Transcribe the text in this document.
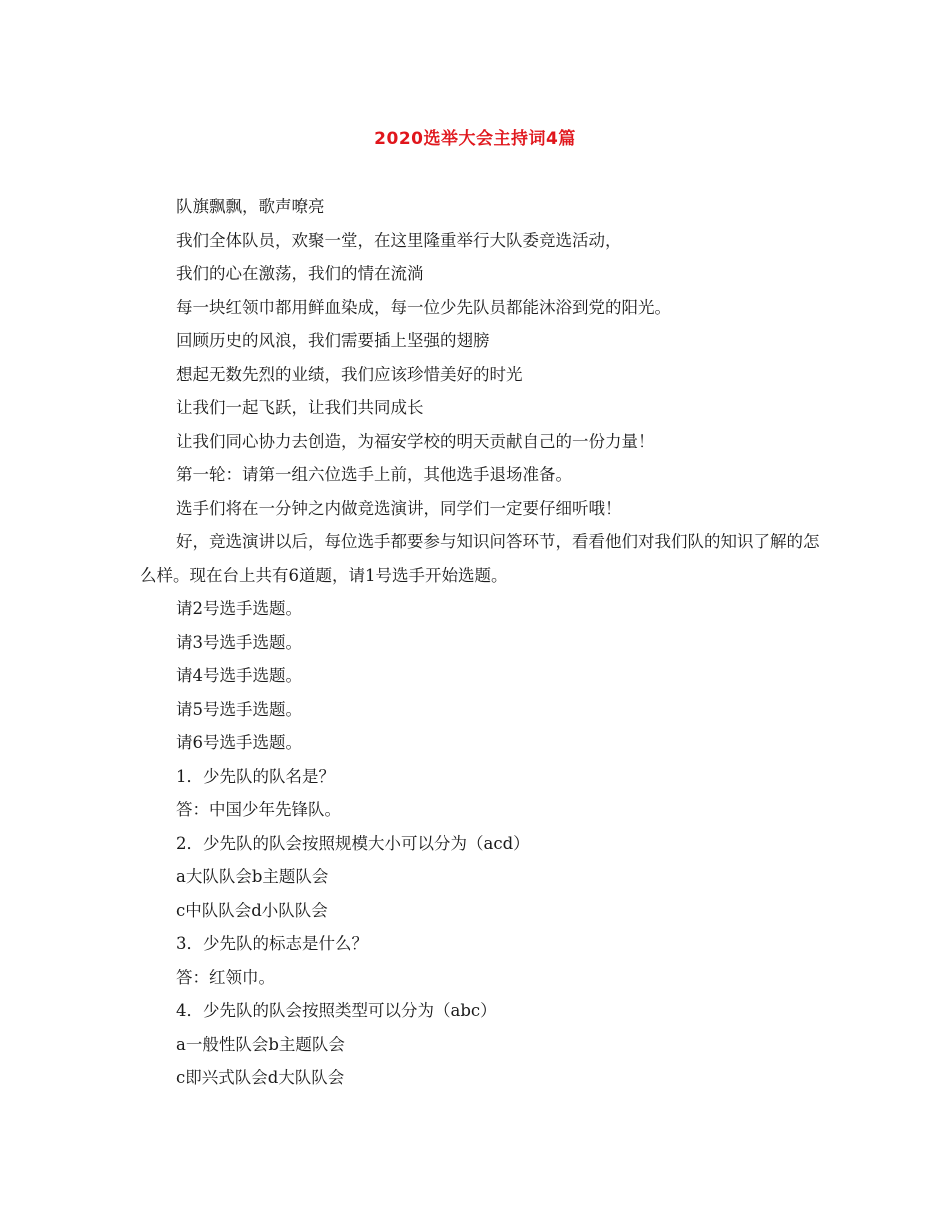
2020选举大会主持词4篇

队旗飘飘，歌声嘹亮

我们全体队员，欢聚一堂，在这里隆重举行大队委竞选活动，

我们的心在激荡，我们的情在流淌

每一块红领巾都用鲜血染成，每一位少先队员都能沐浴到党的阳光。

回顾历史的风浪，我们需要插上坚强的翅膀

想起无数先烈的业绩，我们应该珍惜美好的时光

让我们一起飞跃，让我们共同成长

让我们同心协力去创造，为福安学校的明天贡献自己的一份力量！

第一轮：请第一组六位选手上前，其他选手退场准备。

选手们将在一分钟之内做竞选演讲，同学们一定要仔细听哦！

好，竞选演讲以后，每位选手都要参与知识问答环节，看看他们对我们队的知识了解的怎么样。现在台上共有6道题，请1号选手开始选题。

请2号选手选题。

请3号选手选题。

请4号选手选题。

请5号选手选题。

请6号选手选题。

1．少先队的队名是？

答：中国少年先锋队。

2．少先队的队会按照规模大小可以分为（acd）

a大队队会b主题队会

c中队队会d小队队会

3．少先队的标志是什么？

答：红领巾。

4．少先队的队会按照类型可以分为（abc）

a一般性队会b主题队会

c即兴式队会d大队队会
